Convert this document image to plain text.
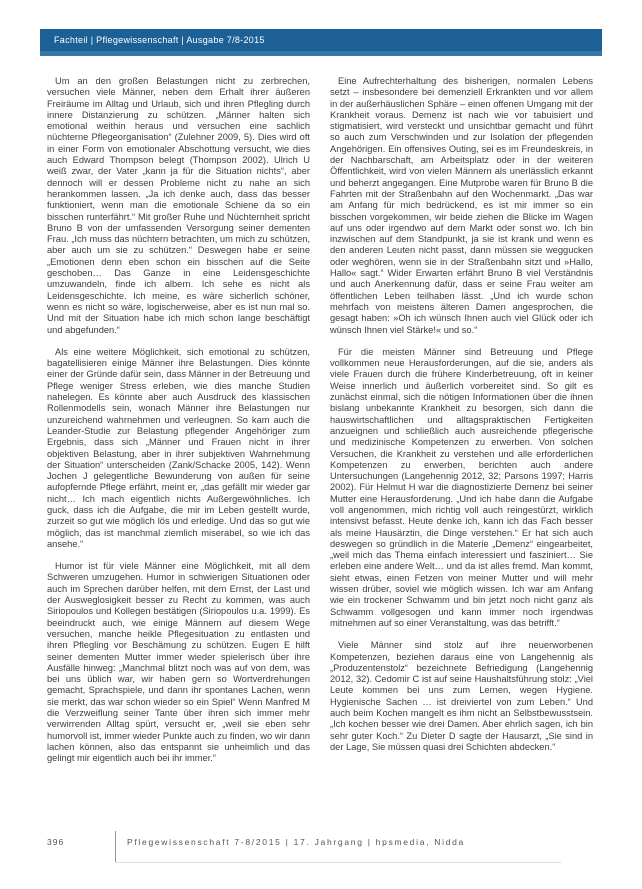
Fachteil | Pflegewissenschaft | Ausgabe 7/8-2015

Um an den großen Belastungen nicht zu zerbrechen, versuchen viele Männer, neben dem Erhalt ihrer äußeren Freiräume im Alltag und Urlaub, sich und ihren Pflegling durch innere Distanzierung zu schützen. „Männer halten sich emotional weithin heraus und versuchen eine sachlich nüchterne Pflegeorganisation“ (Zulehner 2009, 5). Dies wird oft in einer Form von emotionaler Abschottung versucht, wie dies auch Edward Thompson belegt (Thompson 2002). Ulrich U weiß zwar, der Vater „kann ja für die Situation nichts“, aber dennoch will er dessen Probleme nicht zu nahe an sich herankommen lassen. „Ja ich denke auch, dass das besser funktioniert, wenn man die emotionale Schiene da so ein bisschen runterfährt.“ Mit großer Ruhe und Nüchternheit spricht Bruno B von der umfassenden Versorgung seiner dementen Frau. „Ich muss das nüchtern betrachten, um mich zu schützen, aber auch um sie zu schützen.“ Deswegen habe er seine „Emotionen denn eben schon ein bisschen auf die Seite geschoben… Das Ganze in eine Leidensgeschichte umzuwandeln, finde ich albern. Ich sehe es nicht als Leidensgeschichte. Ich meine, es wäre sicherlich schöner, wenn es nicht so wäre, logischerweise, aber es ist nun mal so. Und mit der Situation habe ich mich schon lange beschäftigt und abgefunden.“

Als eine weitere Möglichkeit, sich emotional zu schützen, bagatellisieren einige Männer ihre Belastungen. Dies könnte einer der Gründe dafür sein, dass Männer in der Betreuung und Pflege weniger Stress erleben, wie dies manche Studien nahelegen. Es könnte aber auch Ausdruck des klassischen Rollenmodells sein, wonach Männer ihre Belastungen nur unzureichend wahrnehmen und verleugnen. So kam auch die Leander-Studie zur Belastung pflegender Angehöriger zum Ergebnis, dass sich „Männer und Frauen nicht in ihrer objektiven Belastung, aber in ihrer subjektiven Wahrnehmung der Situation“ unterscheiden (Zank/Schacke 2005, 142). Wenn Jochen J gelegentliche Bewunderung von außen für seine aufopfernde Pflege erfährt, meint er, „das gefällt mir wieder gar nicht… Ich mach eigentlich nichts Außergewöhnliches. Ich guck, dass ich die Aufgabe, die mir im Leben gestellt wurde, zurzeit so gut wie möglich lös und erledige. Und das so gut wie möglich, das ist manchmal ziemlich miserabel, so wie ich das ansehe.“

Humor ist für viele Männer eine Möglichkeit, mit all dem Schweren umzugehen. Humor in schwierigen Situationen oder auch im Sprechen darüber helfen, mit dem Ernst, der Last und der Ausweglosigkeit besser zu Recht zu kommen, was auch Siriopoulos und Kollegen bestätigen (Siriopoulos u.a. 1999). Es beeindruckt auch, wie einige Männern auf diesem Wege versuchen, manche heikle Pflegesituation zu entlasten und ihren Pflegling vor Beschämung zu schützen. Eugen E hilft seiner dementen Mutter immer wieder spielerisch über ihre Ausfälle hinweg: „Manchmal blitzt noch was auf von dem, was bei uns üblich war, wir haben gern so Wortverdrehungen gemacht, Sprachspiele, und dann ihr spontanes Lachen, wenn sie merkt, das war schon wieder so ein Spiel“ Wenn Manfred M die Verzweiflung seiner Tante über ihren sich immer mehr verwirrenden Alltag spürt, versucht er, „weil sie eben sehr humorvoll ist, immer wieder Punkte auch zu finden, wo wir dann lachen können, also das entspannt sie unheimlich und das gelingt mir eigentlich auch bei ihr immer.“

Eine Aufrechterhaltung des bisherigen, normalen Lebens setzt – insbesondere bei demenziell Erkrankten und vor allem in der außerhäuslichen Sphäre – einen offenen Umgang mit der Krankheit voraus. Demenz ist nach wie vor tabuisiert und stigmatisiert, wird versteckt und unsichtbar gemacht und führt so auch zum Verschwinden und zur Isolation der pflegenden Angehörigen. Ein offensives Outing, sei es im Freundeskreis, in der Nachbarschaft, am Arbeitsplatz oder in der weiteren Öffentlichkeit, wird von vielen Männern als unerlässlich erkannt und beherzt angegangen. Eine Mutprobe waren für Bruno B die Fahrten mit der Straßenbahn auf den Wochenmarkt. „Das war am Anfang für mich bedrückend, es ist mir immer so ein bisschen vorgekommen, wir beide ziehen die Blicke im Wagen auf uns oder irgendwo auf dem Markt oder sonst wo. Ich bin inzwischen auf dem Standpunkt, ja sie ist krank und wenn es den anderen Leuten nicht passt, dann müssen sie weggucken oder weghören, wenn sie in der Straßenbahn sitzt und »Hallo, Hallo« sagt.“ Wider Erwarten erfährt Bruno B viel Verständnis und auch Anerkennung dafür, dass er seine Frau weiter am öffentlichen Leben teilhaben lässt. „Und ich wurde schon mehrfach von meistens älteren Damen angesprochen, die gesagt haben: »Oh ich wünsch Ihnen auch viel Glück oder ich wünsch Ihnen viel Stärke!« und so.“

Für die meisten Männer sind Betreuung und Pflege vollkommen neue Herausforderungen, auf die sie, anders als viele Frauen durch die frühere Kinderbetreuung, oft in keiner Weise innerlich und äußerlich vorbereitet sind. So gilt es zunächst einmal, sich die nötigen Informationen über die ihnen bislang unbekannte Krankheit zu besorgen, sich dann die hauswirtschaftlichen und alltagspraktischen Fertigkeiten anzueignen und schließlich auch ausreichende pflegerische und medizinische Kompetenzen zu erwerben. Von solchen Versuchen, die Krankheit zu verstehen und alle erforderlichen Kompetenzen zu erwerben, berichten auch andere Untersuchungen (Langehennig 2012, 32; Parsons 1997; Harris 2002). Für Helmut H war die diagnostizierte Demenz bei seiner Mutter eine Herausforderung. „Und ich habe dann die Aufgabe voll angenommen, mich richtig voll auch reingestürzt, wirklich intensivst befasst. Heute denke ich, kann ich das Fach besser als meine Hausärztin, die Dinge verstehen.“ Er hat sich auch deswegen so gründlich in die Materie „Demenz“ eingearbeitet, „weil mich das Thema einfach interessiert und fasziniert… Sie erleben eine andere Welt… und da ist alles fremd. Man kommt, sieht etwas, einen Fetzen von meiner Mutter und will mehr wissen drüber, soviel wie möglich wissen. Ich war am Anfang wie ein trockener Schwamm und bin jetzt noch nicht ganz als Schwamm vollgesogen und kann immer noch irgendwas mitnehmen auf so einer Veranstaltung, was das betrifft.“

Viele Männer sind stolz auf ihre neuerworbenen Kompetenzen, beziehen daraus eine von Langehennig als „Produzentenstolz“ bezeichnete Befriedigung (Langehennig 2012, 32). Cedomir C ist auf seine Haushaltsführung stolz: „Viel Leute kommen bei uns zum Lernen, wegen Hygiene. Hygienische Sachen … ist dreiviertel von zum Leben.“ Und auch beim Kochen mangelt es ihm nicht an Selbstbewusstsein. „Ich kochen besser wie drei Damen. Aber ehrlich sagen, ich bin sehr guter Koch.“ Zu Dieter D sagte der Hausarzt, „Sie sind in der Lage, Sie müssen quasi drei Schichten abdecken.“

396	Pflegewissenschaft 7-8/2015 | 17. Jahrgang | hpsmedia, Nidda
